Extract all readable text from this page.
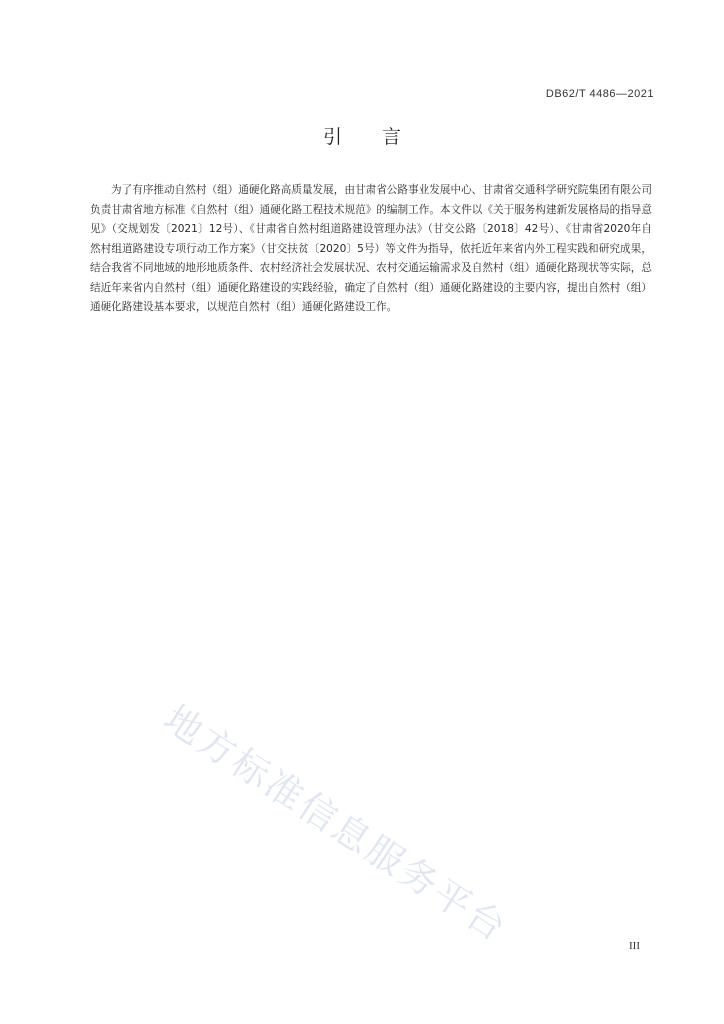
DB62/T 4486—2021
引言

为了有序推动自然村（组）通硬化路高质量发展，由甘肃省公路事业发展中心、甘肃省交通科学研究院集团有限公司负责甘肃省地方标准《自然村（组）通硬化路工程技术规范》的编制工作。本文件以《关于服务构建新发展格局的指导意见》（交规划发〔2021〕12号）、《甘肃省自然村组道路建设管理办法》（甘交公路〔2018〕42号）、《甘肃省2020年自然村组道路建设专项行动工作方案》（甘交扶贫〔2020〕5号）等文件为指导，依托近年来省内外工程实践和研究成果，结合我省不同地域的地形地质条件、农村经济社会发展状况、农村交通运输需求及自然村（组）通硬化路现状等实际，总结近年来省内自然村（组）通硬化路建设的实践经验，确定了自然村（组）通硬化路建设的主要内容，提出自然村（组）通硬化路建设基本要求，以规范自然村（组）通硬化路建设工作。

地方标准信息服务平台	III
